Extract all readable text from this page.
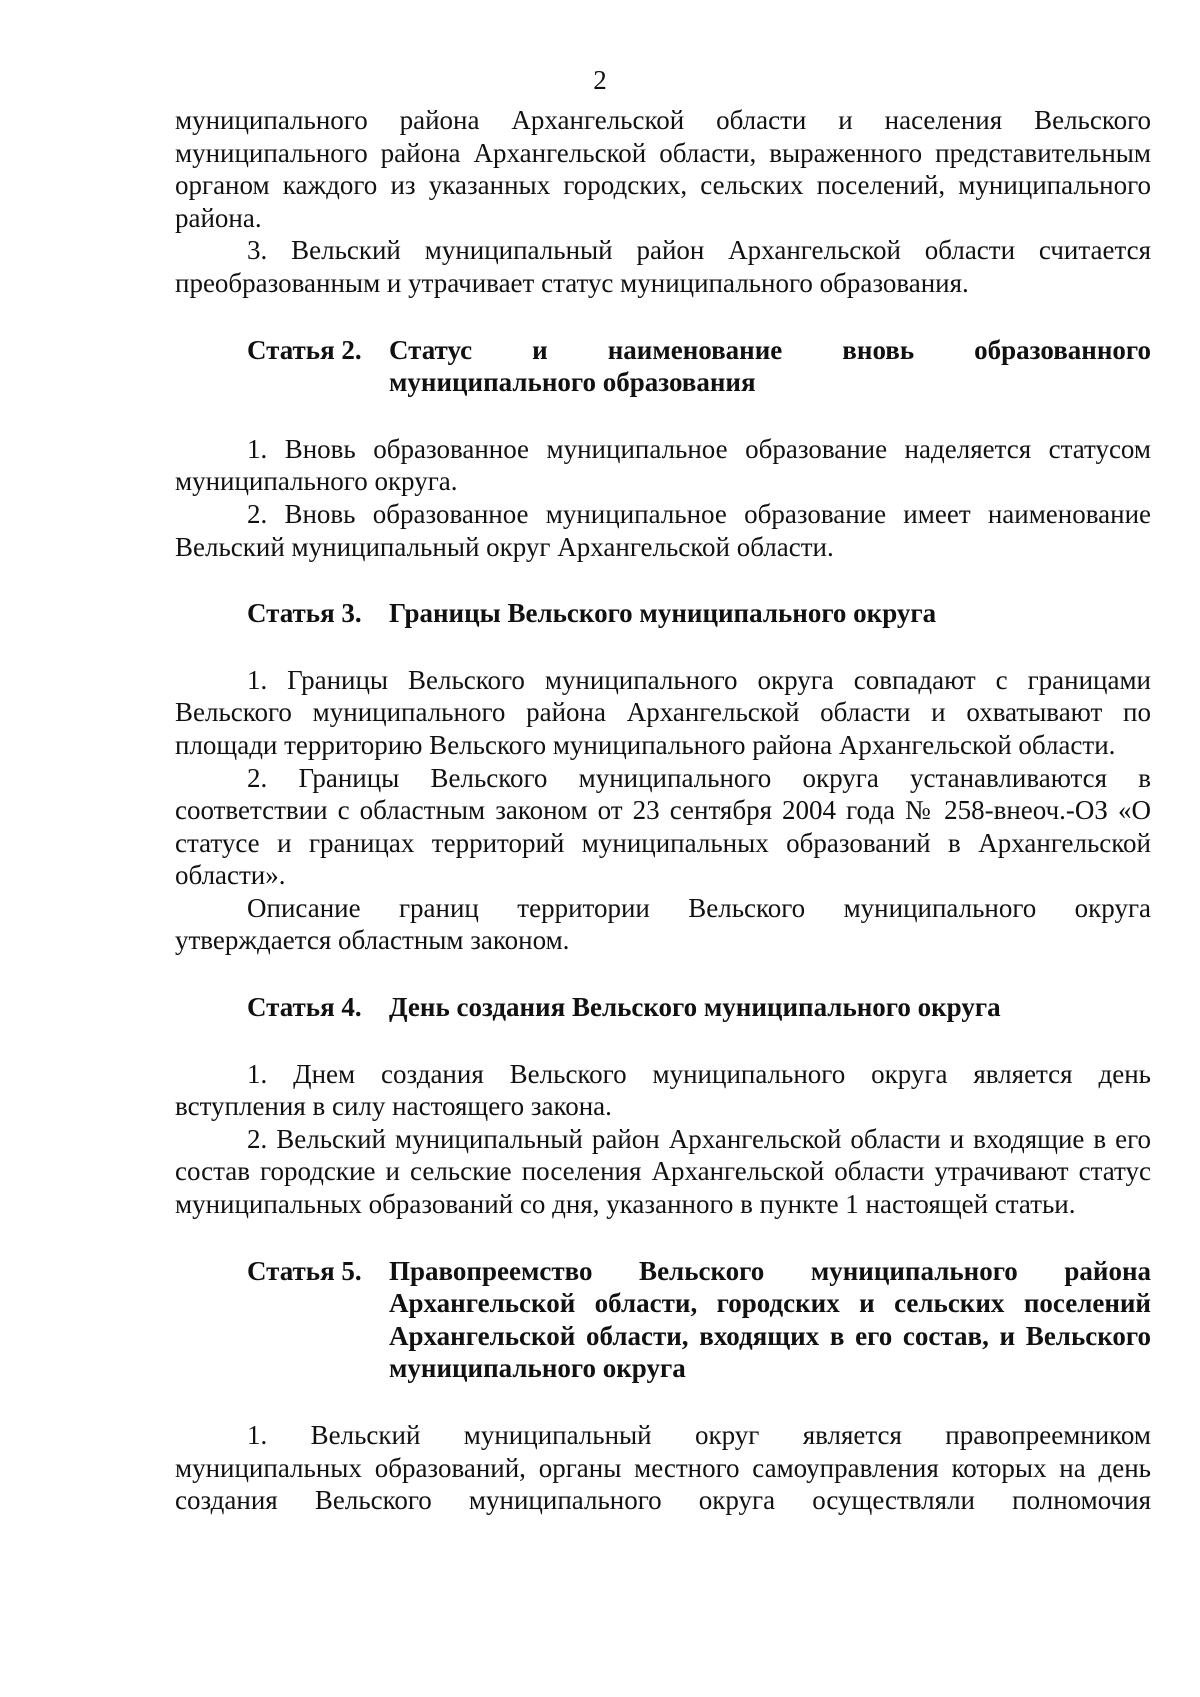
2

муниципального района Архангельской области и населения Вельского муниципального района Архангельской области, выраженного представительным органом каждого из указанных городских, сельских поселений, муниципального района.

3. Вельский муниципальный район Архангельской области считается преобразованным и утрачивает статус муниципального образования.

Статья 2.	Статус и наименование вновь образованного муниципального образования

1. Вновь образованное муниципальное образование наделяется статусом муниципального округа.

2. Вновь образованное муниципальное образование имеет наименование Вельский муниципальный округ Архангельской области.

Статья 3.	Границы Вельского муниципального округа

1. Границы Вельского муниципального округа совпадают с границами Вельского муниципального района Архангельской области и охватывают по площади территорию Вельского муниципального района Архангельской области.

2. Границы Вельского муниципального округа устанавливаются в соответствии с областным законом от 23 сентября 2004 года № 258-внеоч.-ОЗ «О статусе и границах территорий муниципальных образований в Архангельской области».

Описание границ территории Вельского муниципального округа утверждается областным законом.

Статья 4.	День создания Вельского муниципального округа

1. Днем создания Вельского муниципального округа является день вступления в силу настоящего закона.

2. Вельский муниципальный район Архангельской области и входящие в его состав городские и сельские поселения Архангельской области утрачивают статус муниципальных образований со дня, указанного в пункте 1 настоящей статьи.

Статья 5.	Правопреемство Вельского муниципального района Архангельской области, городских и сельских поселений Архангельской области, входящих в его состав, и Вельского муниципального округа

1. Вельский муниципальный округ является правопреемником муниципальных образований, органы местного самоуправления которых на день создания Вельского муниципального округа осуществляли полномочия
